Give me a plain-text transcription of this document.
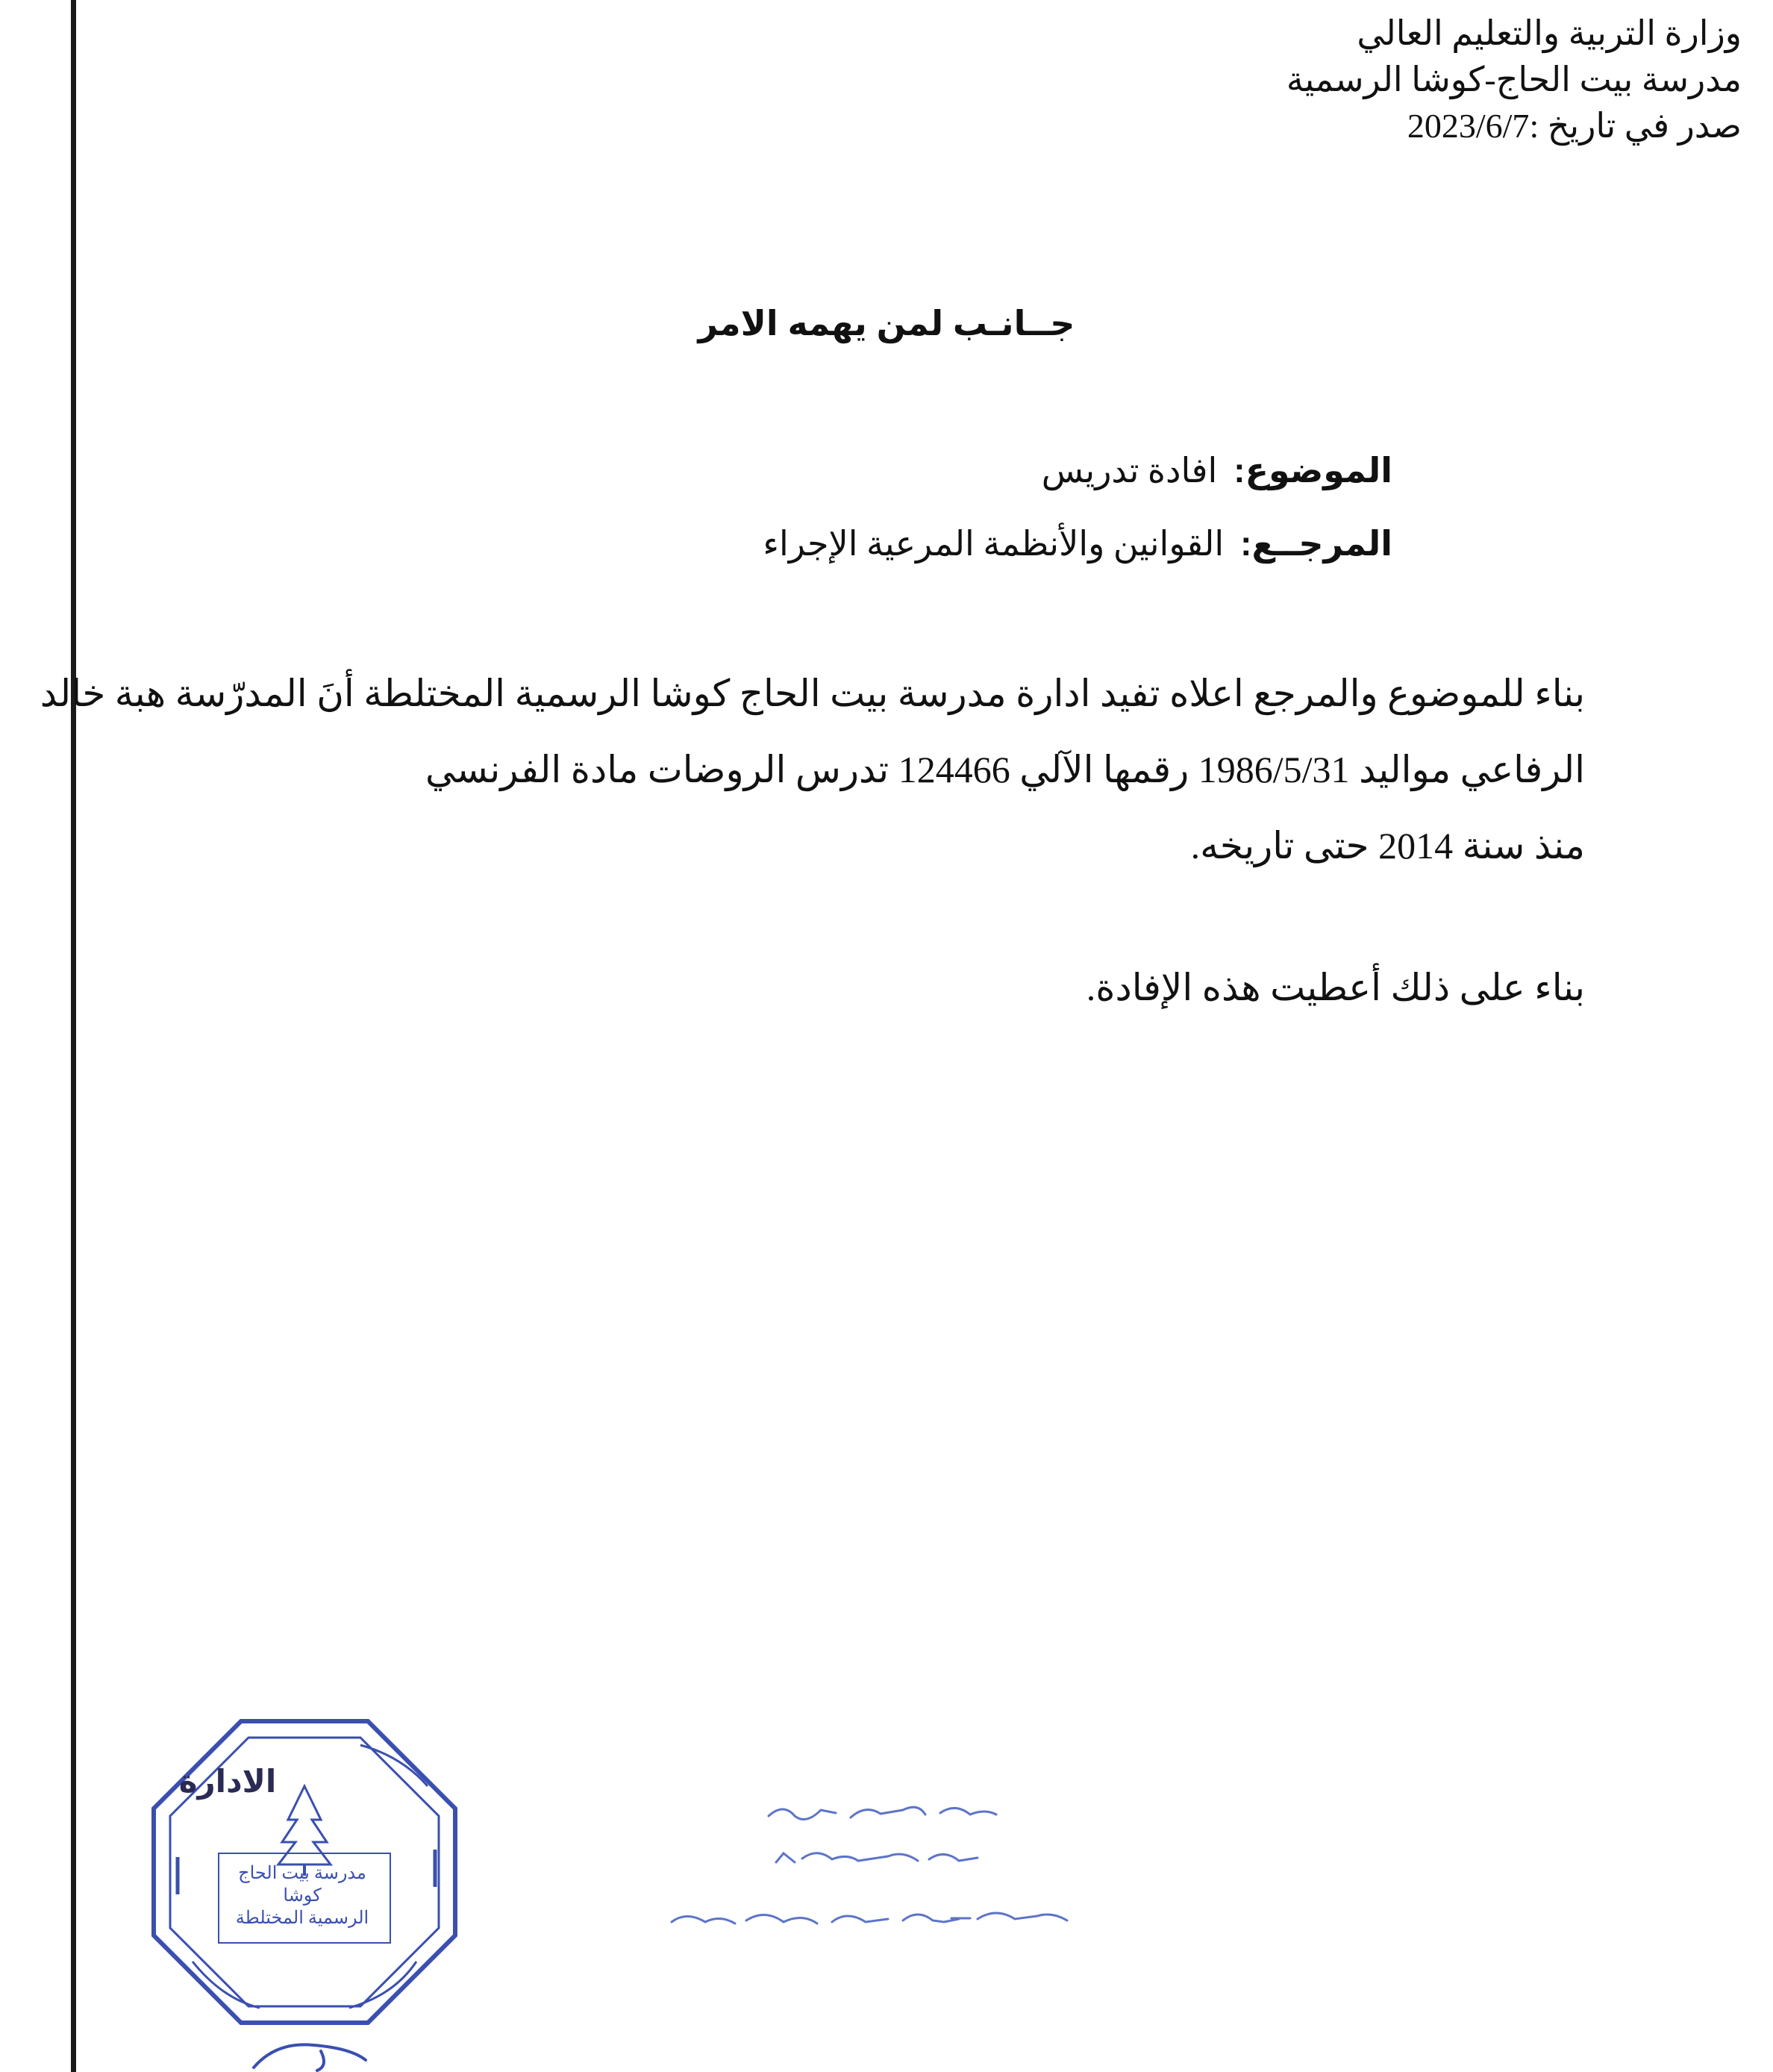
وزارة التربية والتعليم العالي
مدرسة بيت الحاج-كوشا الرسمية
صدر في تاريخ :2023/6/7
جــانـب لمن يهمه الامر
الموضوع:افادة تدريس
المرجــع:القوانين والأنظمة المرعية الإجراء

بناء للموضوع والمرجع اعلاه تفيد ادارة مدرسة بيت الحاج كوشا الرسمية المختلطة أنَ المدرّسة هبة خالد

الرفاعي مواليد 1986/5/31 رقمها الآلي 124466 تدرس الروضات مادة الفرنسي

منذ سنة 2014 حتى تاريخه.

بناء على ذلك أعطيت هذه الإفادة.

الادارة
مدرسة بيت الحاج كوشا
الرسمية المختلطة
